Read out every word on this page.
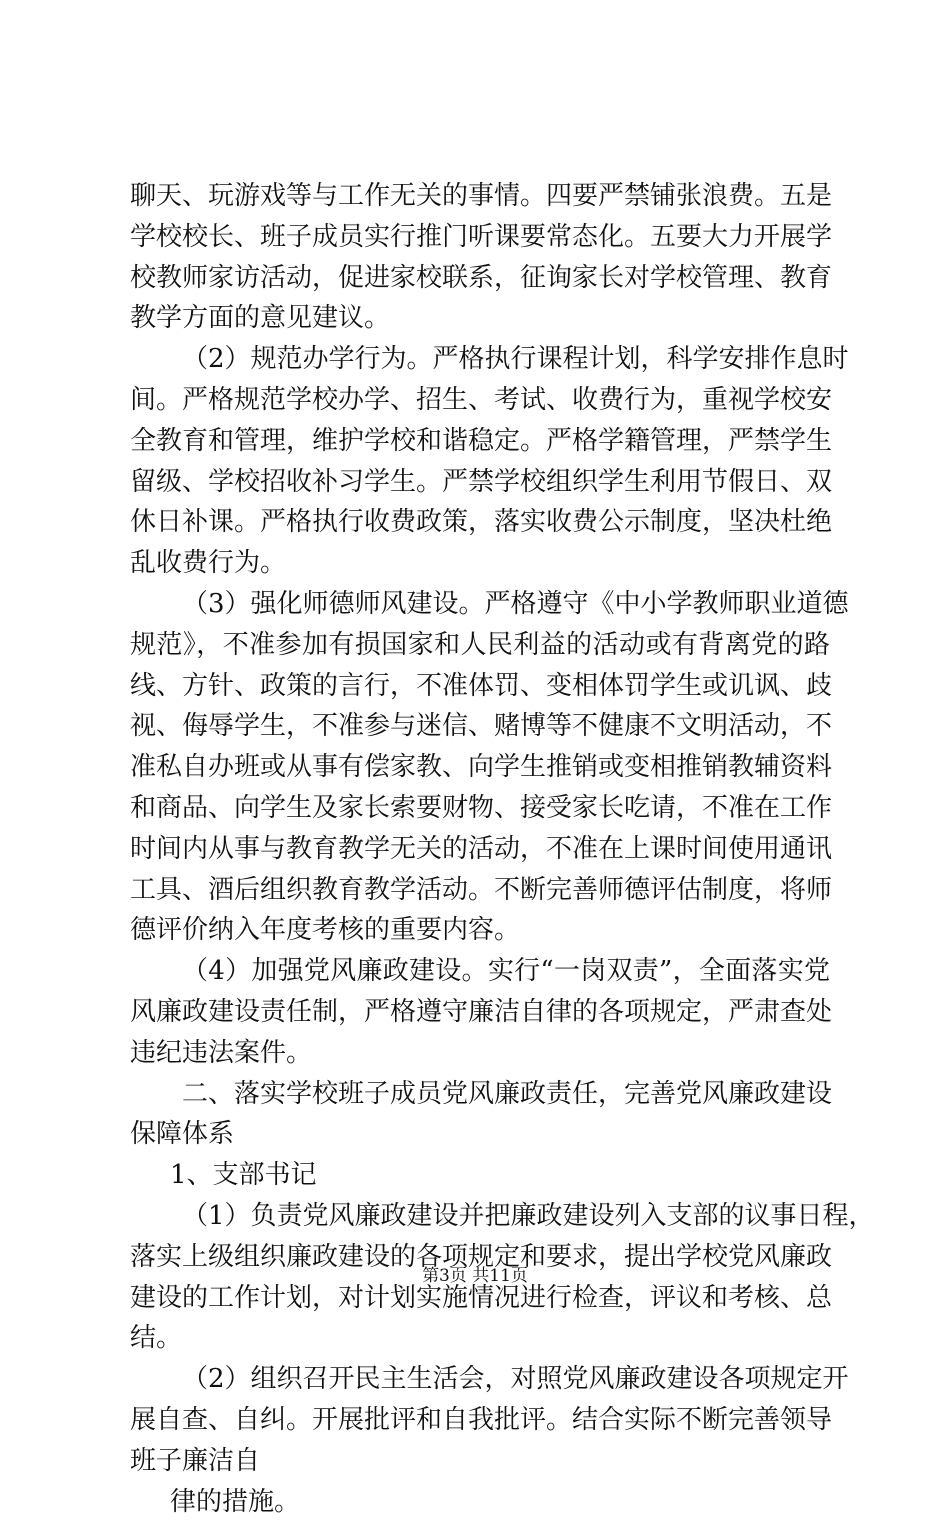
聊天、玩游戏等与工作无关的事情。四要严禁铺张浪费。五是
学校校长、班子成员实行推门听课要常态化。五要大力开展学
校教师家访活动，促进家校联系，征询家长对学校管理、教育
教学方面的意见建议。
（2）规范办学行为。严格执行课程计划，科学安排作息时
间。严格规范学校办学、招生、考试、收费行为，重视学校安
全教育和管理，维护学校和谐稳定。严格学籍管理，严禁学生
留级、学校招收补习学生。严禁学校组织学生利用节假日、双
休日补课。严格执行收费政策，落实收费公示制度，坚决杜绝
乱收费行为。
（3）强化师德师风建设。严格遵守《中小学教师职业道德
规范》，不准参加有损国家和人民利益的活动或有背离党的路
线、方针、政策的言行，不准体罚、变相体罚学生或讥讽、歧
视、侮辱学生，不准参与迷信、赌博等不健康不文明活动，不
准私自办班或从事有偿家教、向学生推销或变相推销教辅资料
和商品、向学生及家长索要财物、接受家长吃请，不准在工作
时间内从事与教育教学无关的活动，不准在上课时间使用通讯
工具、酒后组织教育教学活动。不断完善师德评估制度，将师
德评价纳入年度考核的重要内容。
（4）加强党风廉政建设。实行“一岗双责”，全面落实党
风廉政建设责任制，严格遵守廉洁自律的各项规定，严肃查处
违纪违法案件。
二、落实学校班子成员党风廉政责任，完善党风廉政建设
保障体系
1、支部书记
（1）负责党风廉政建设并把廉政建设列入支部的议事日程，
落实上级组织廉政建设的各项规定和要求，提出学校党风廉政
建设的工作计划，对计划实施情况进行检查，评议和考核、总
结。
（2）组织召开民主生活会，对照党风廉政建设各项规定开
展自查、自纠。开展批评和自我批评。结合实际不断完善领导
班子廉洁自
律的措施。
第3页 共11页
